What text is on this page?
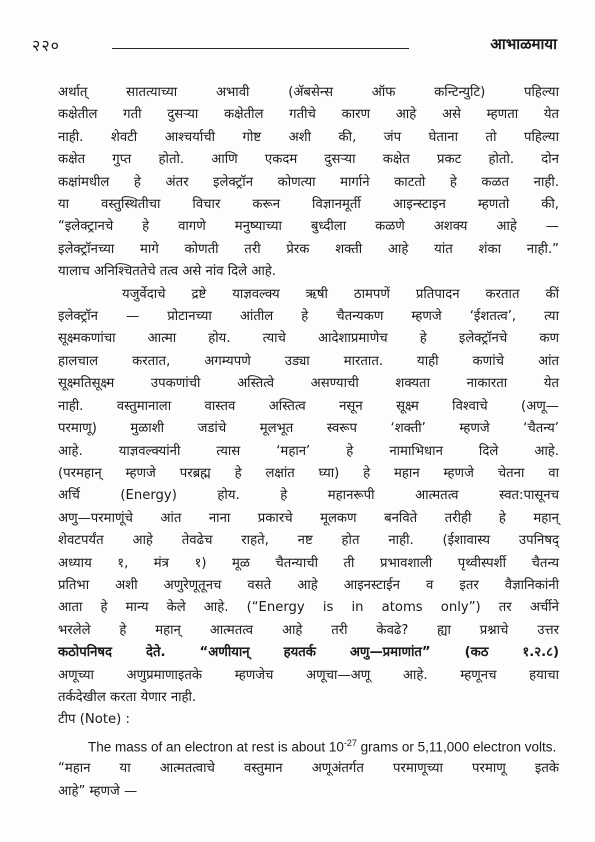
२२०	आभाळमाया

अर्थात् सातत्याच्या अभावी (ॲबसेन्स ऑफ कन्टिन्युटि) पहिल्या

कक्षेतील गती दुसऱ्या कक्षेतील गतीचे कारण आहे असे म्हणता येत

नाही. शेवटी आश्चर्याची गोष्ट अशी की, जंप घेताना तो पहिल्या

कक्षेत गुप्त होतो. आणि एकदम दुसऱ्या कक्षेत प्रकट होतो. दोन

कक्षांमधील हे अंतर इलेक्ट्रॉन कोणत्या मार्गाने काटतो हे कळत नाही.

या वस्तुस्थितीचा विचार करून विज्ञानमूर्ती आइन्स्टाइन म्हणतो की,

“इलेक्ट्रानचे हे वागणे मनुष्याच्या बुध्दीला कळणे अशक्य आहे —

इलेक्ट्रॉनच्या मागे कोणती तरी प्रेरक शक्ती आहे यांत शंका नाही.”

यालाच अनिश्चिततेचे तत्व असे नांव दिले आहे.

यजुर्वेदाचे द्रष्टे याज्ञवल्क्य ऋषी ठामपणें प्रतिपादन करतात कीं

इलेक्ट्रॉन — प्रोटानच्या आंतील हे चैतन्यकण म्हणजे ‘ईशतत्व’, त्या

सूक्ष्मकणांचा आत्मा होय. त्याचे आदेशाप्रमाणेच हे इलेक्ट्रॉनचे कण

हालचाल करतात, अगम्यपणे उड्या मारतात. याही कणांचे आंत

सूक्ष्मतिसूक्ष्म उपकणांची अस्तित्वे असण्याची शक्यता नाकारता येत

नाही. वस्तुमानाला वास्तव अस्तित्व नसून सूक्ष्म विश्वाचे (अणू—

परमाणू) मुळाशी जडांचे मूलभूत स्वरूप ‘शक्ती’ म्हणजे ‘चैतन्य’

आहे. याज्ञवल्क्यांनी त्यास ‘महान’ हे नामाभिधान दिले आहे.

(परमहान् म्हणजे परब्रह्म हे लक्षांत घ्या) हे महान म्हणजे चेतना वा

अर्चि (Energy) होय. हे महानरूपी आत्मतत्व स्वत:पासूनच

अणु—परमाणूंचे आंत नाना प्रकारचे मूलकण बनविते तरीही हे महान्

शेवटपर्यंत आहे तेवढेच राहते, नष्ट होत नाही. (ईशावास्य उपनिषद्

अध्याय १, मंत्र १) मूळ चैतन्याची ती प्रभावशाली पृथ्वीस्पर्शी चैतन्य

प्रतिभा अशी अणुरेणूतूनच वसते आहे आइनस्टाईन व इतर वैज्ञानिकांनी

आता हे मान्य केले आहे. (“Energy is in atoms only”) तर अर्चीने

भरलेले हे महान् आत्मतत्व आहे तरी केवढे? ह्या प्रश्नाचे उत्तर

कठोपनिषद देते. “अणीयान् हयतर्क अणु—प्रमाणांत” (कठ १.२.८)

अणूच्या अणुप्रमाणाइतके म्हणजेच अणूचा—अणू आहे. म्हणूनच हयाचा

तर्कदेखील करता येणार नाही.

टीप (Note) :

The mass of an electron at rest is about $10^{-27}$ grams or 5,11,000 electron volts.

“महान या आत्मतत्वाचे वस्तुमान अणूअंतर्गत परमाणूच्या परमाणू इतके

आहे” म्हणजे —
